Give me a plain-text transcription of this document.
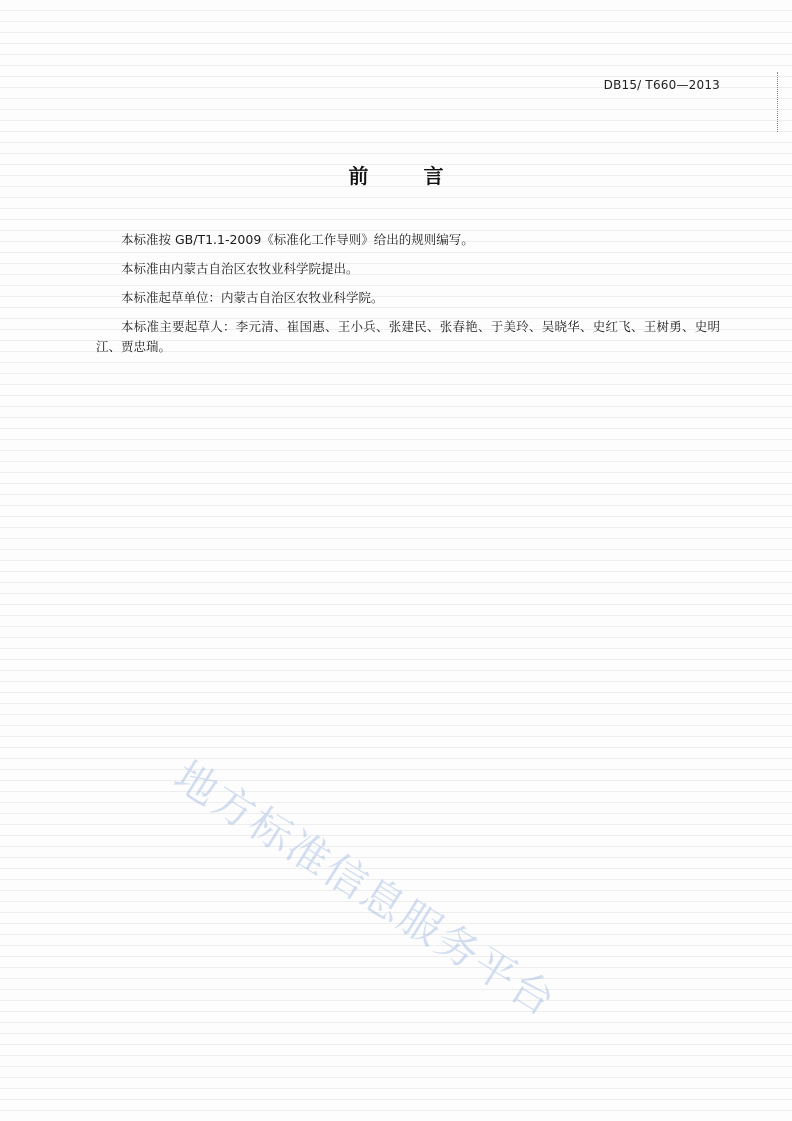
DB15/ T660—2013
前 言

本标准按 GB/T1.1-2009《标准化工作导则》给出的规则编写。

本标准由内蒙古自治区农牧业科学院提出。

本标准起草单位：内蒙古自治区农牧业科学院。

本标准主要起草人：李元清、崔国惠、王小兵、张建民、张春艳、于美玲、吴晓华、史红飞、王树勇、史明江、贾忠瑞。

地方标准信息服务平台
